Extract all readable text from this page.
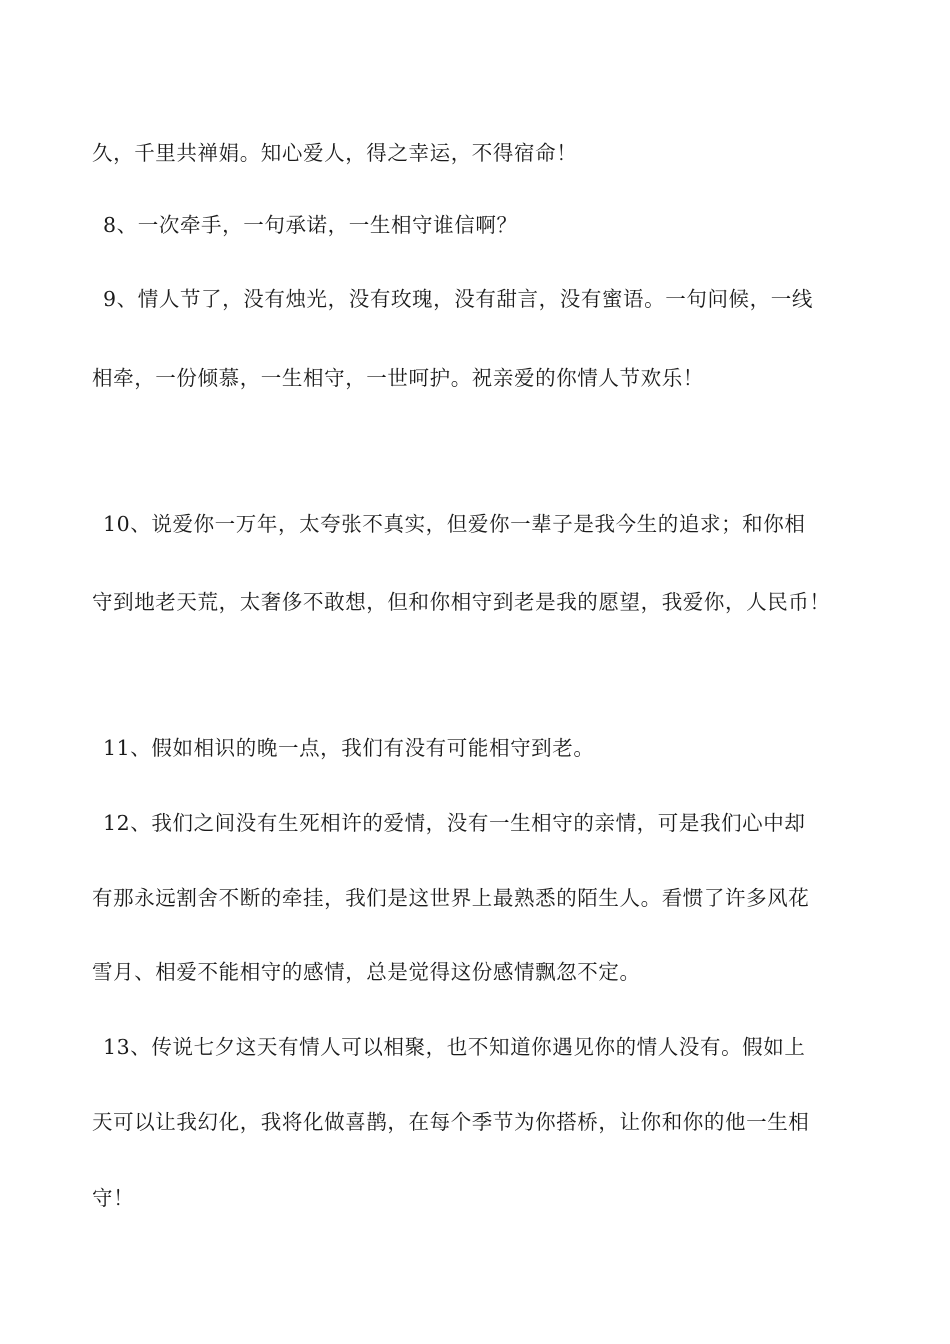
久，千里共禅娟。知心爱人，得之幸运，不得宿命！
8、一次牵手，一句承诺，一生相守谁信啊？
9、情人节了，没有烛光，没有玫瑰，没有甜言，没有蜜语。一句问候，一线
相牵，一份倾慕，一生相守，一世呵护。祝亲爱的你情人节欢乐！
10、说爱你一万年，太夸张不真实，但爱你一辈子是我今生的追求；和你相
守到地老天荒，太奢侈不敢想，但和你相守到老是我的愿望，我爱你，人民币！
11、假如相识的晚一点，我们有没有可能相守到老。
12、我们之间没有生死相许的爱情，没有一生相守的亲情，可是我们心中却
有那永远割舍不断的牵挂，我们是这世界上最熟悉的陌生人。看惯了许多风花
雪月、相爱不能相守的感情，总是觉得这份感情飘忽不定。
13、传说七夕这天有情人可以相聚，也不知道你遇见你的情人没有。假如上
天可以让我幻化，我将化做喜鹊，在每个季节为你搭桥，让你和你的他一生相
守！
